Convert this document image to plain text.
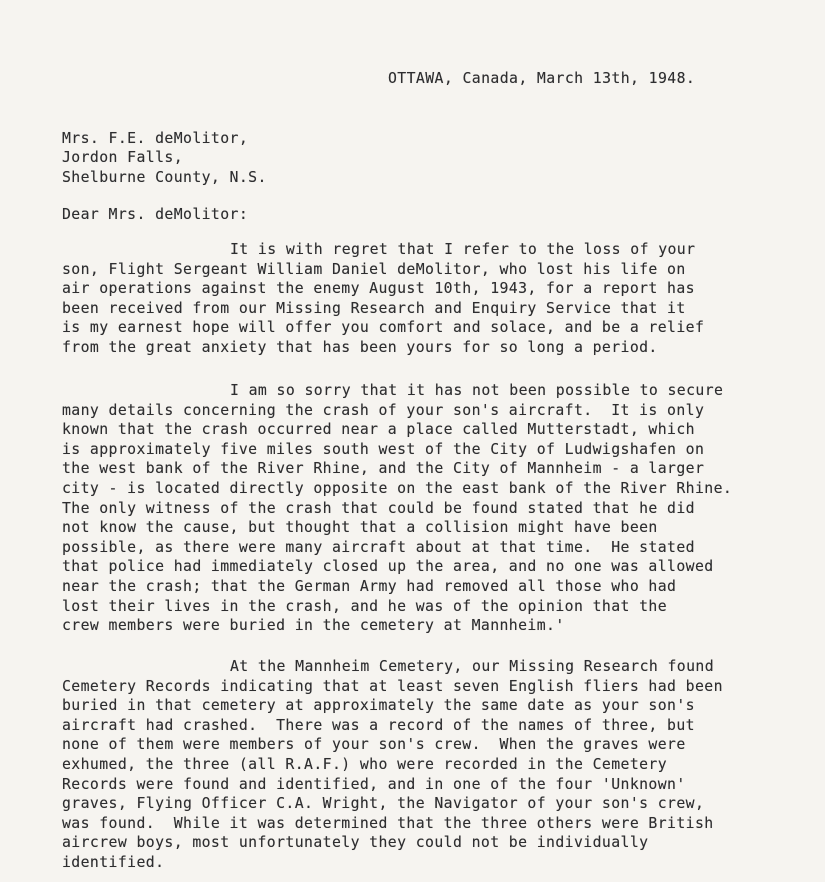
OTTAWA, Canada, March 13th, 1948.
Mrs. F.E. deMolitor,
Jordon Falls,
Shelburne County, N.S.
Dear Mrs. deMolitor:
It is with regret that I refer to the loss of your
son, Flight Sergeant William Daniel deMolitor, who lost his life on
air operations against the enemy August 10th, 1943, for a report has
been received from our Missing Research and Enquiry Service that it
is my earnest hope will offer you comfort and solace, and be a relief
from the great anxiety that has been yours for so long a period.
I am so sorry that it has not been possible to secure
many details concerning the crash of your son's aircraft.  It is only
known that the crash occurred near a place called Mutterstadt, which
is approximately five miles south west of the City of Ludwigshafen on
the west bank of the River Rhine, and the City of Mannheim - a larger
city - is located directly opposite on the east bank of the River Rhine.
The only witness of the crash that could be found stated that he did
not know the cause, but thought that a collision might have been
possible, as there were many aircraft about at that time.  He stated
that police had immediately closed up the area, and no one was allowed
near the crash; that the German Army had removed all those who had
lost their lives in the crash, and he was of the opinion that the
crew members were buried in the cemetery at Mannheim.'
At the Mannheim Cemetery, our Missing Research found
Cemetery Records indicating that at least seven English fliers had been
buried in that cemetery at approximately the same date as your son's
aircraft had crashed.  There was a record of the names of three, but
none of them were members of your son's crew.  When the graves were
exhumed, the three (all R.A.F.) who were recorded in the Cemetery
Records were found and identified, and in one of the four 'Unknown'
graves, Flying Officer C.A. Wright, the Navigator of your son's crew,
was found.  While it was determined that the three others were British
aircrew boys, most unfortunately they could not be individually
identified.
